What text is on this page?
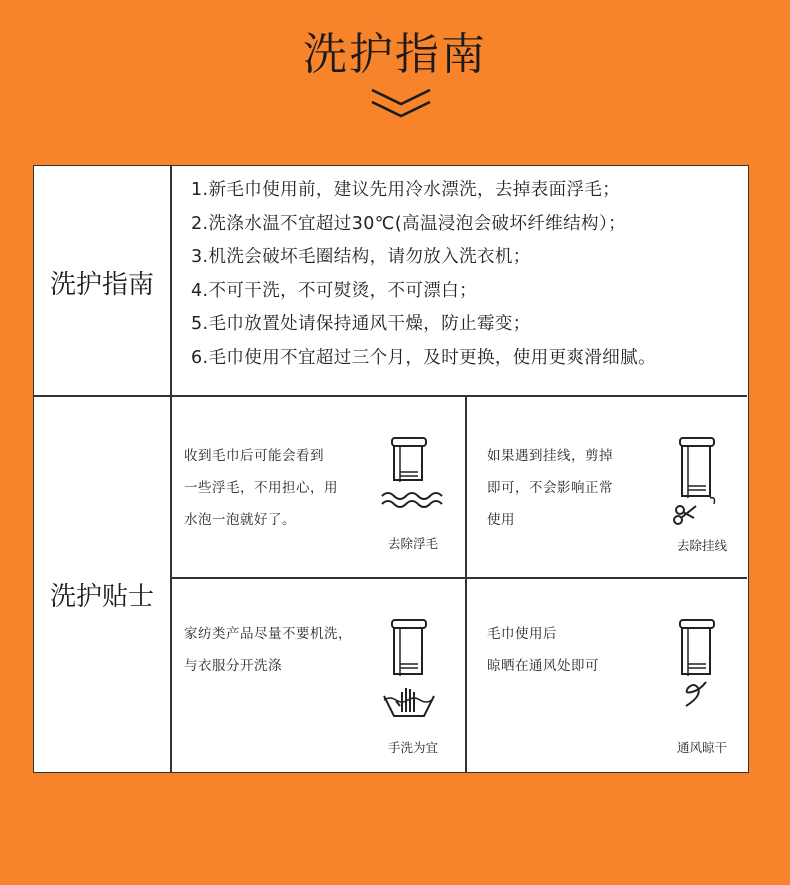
洗护指南
洗护指南
1.新毛巾使用前，建议先用冷水漂洗，去掉表面浮毛；
2.洗涤水温不宜超过30℃(高温浸泡会破坏纤维结构）；
3.机洗会破坏毛圈结构，请勿放入洗衣机；
4.不可干洗，不可熨烫，不可漂白；
5.毛巾放置处请保持通风干燥，防止霉变；
6.毛巾使用不宜超过三个月，及时更换，使用更爽滑细腻。
洗护贴士
收到毛巾后可能会看到
一些浮毛，不用担心，用
水泡一泡就好了。
去除浮毛
如果遇到挂线，剪掉
即可，不会影响正常
使用
去除挂线
家纺类产品尽量不要机洗，
与衣服分开洗涤
手洗为宜
毛巾使用后
晾晒在通风处即可
通风晾干
